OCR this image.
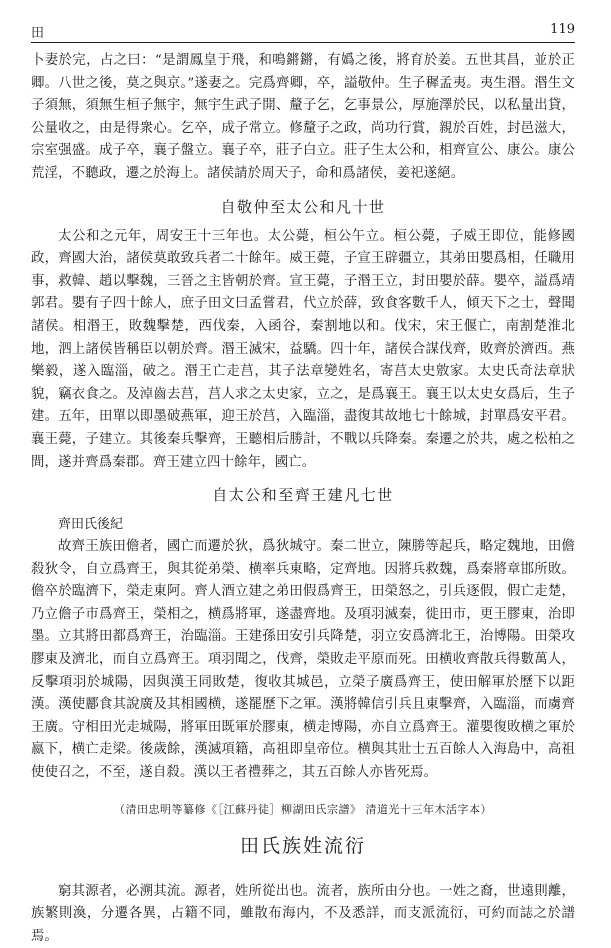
田	119

卜妻於完，占之曰：“是謂鳳皇于飛，和鳴鏘鏘，有嬀之後，將育於姜。五世其昌，並於正卿。八世之後，莫之與京。”遂妻之。完爲齊卿，卒，謚敬仲。生子穉孟夷。夷生湣。湣生文子須無，須無生桓子無宇，無宇生武子開、釐子乞，乞事景公，厚施澤於民，以私量出貸，公量收之，由是得衆心。乞卒，成子常立。修釐子之政，尚功行賞，親於百姓，封邑滋大，宗室强盛。成子卒，襄子盤立。襄子卒，莊子白立。莊子生太公和，相齊宣公、康公。康公荒淫，不聽政，遷之於海上。諸侯請於周天子，命和爲諸侯，姜祀遂絕。

自敬仲至太公和凡十世

太公和之元年，周安王十三年也。太公薨，桓公午立。桓公薨，子威王即位，能修國政，齊國大治，諸侯莫敢致兵者二十餘年。威王薨，子宣王辟疆立，其弟田嬰爲相，任職用事，救韓、趙以擊魏，三晉之主皆朝於齊。宣王薨，子湣王立，封田嬰於薛。嬰卒，謚爲靖郭君。嬰有子四十餘人，庶子田文曰孟嘗君，代立於薛，致食客數千人，傾天下之士，聲聞諸侯。相湣王，敗魏擊楚，西伐秦，入函谷，秦割地以和。伐宋，宋王偃亡，南割楚淮北地，泗上諸侯皆稱臣以朝於齊。湣王滅宋，益驕。四十年，諸侯合謀伐齊，敗齊於濟西。燕樂毅，遂入臨淄，破之。湣王亡走莒，其子法章變姓名，寄莒太史敫家。太史氏奇法章狀貌，竊衣食之。及淖齒去莒，莒人求之太史家，立之，是爲襄王。襄王以太史女爲后，生子建。五年，田單以即墨破燕軍，迎王於莒，入臨淄，盡復其故地七十餘城，封單爲安平君。襄王薨，子建立。其後秦兵擊齊，王聽相后勝計，不戰以兵降秦。秦遷之於共，處之松柏之間，遂并齊爲秦郡。齊王建立四十餘年，國亡。

自太公和至齊王建凡七世
齊田氏後紀

故齊王族田儋者，國亡而遷於狄，爲狄城守。秦二世立，陳勝等起兵，略定魏地，田儋殺狄令，自立爲齊王，與其從弟榮、横率兵東略，定齊地。因將兵救魏，爲秦將章邯所敗。儋卒於臨濟下，榮走東阿。齊人酒立建之弟田假爲齊王，田榮怒之，引兵逐假，假亡走楚，乃立儋子市爲齊王，榮相之，横爲將軍，遂盡齊地。及項羽滅秦，徙田市，更王膠東，治即墨。立其將田都爲齊王，治臨淄。王建孫田安引兵降楚，羽立安爲濟北王，治博陽。田榮攻膠東及濟北，而自立爲齊王。項羽聞之，伐齊，榮敗走平原而死。田横收齊散兵得數萬人，反擊項羽於城陽，因與漢王同敗楚，復收其城邑，立榮子廣爲齊王，使田解軍於歷下以距漢。漢使酈食其說廣及其相國横，遂罷歷下之軍。漢將韓信引兵且東擊齊，入臨淄，而虜齊王廣。守相田光走城陽，將軍田既軍於膠東，横走博陽，亦自立爲齊王。灌嬰復敗横之軍於嬴下，横亡走梁。後歲餘，漢滅項籍，高祖即皇帝位。横與其壯士五百餘人入海島中，高祖使使召之，不至，遂自殺。漢以王者禮葬之，其五百餘人亦皆死焉。

（清田忠明等纂修《［江蘇丹徒］柳湖田氏宗譜》 清道光十三年木活字本）
田氏族姓流衍

窮其源者，必溯其流。源者，姓所從出也。流者，族所由分也。一姓之裔，世遠則離，族繁則渙，分遷各異，占籍不同，雖散布海内，不及悉詳，而支派流衍，可約而誌之於譜焉。
